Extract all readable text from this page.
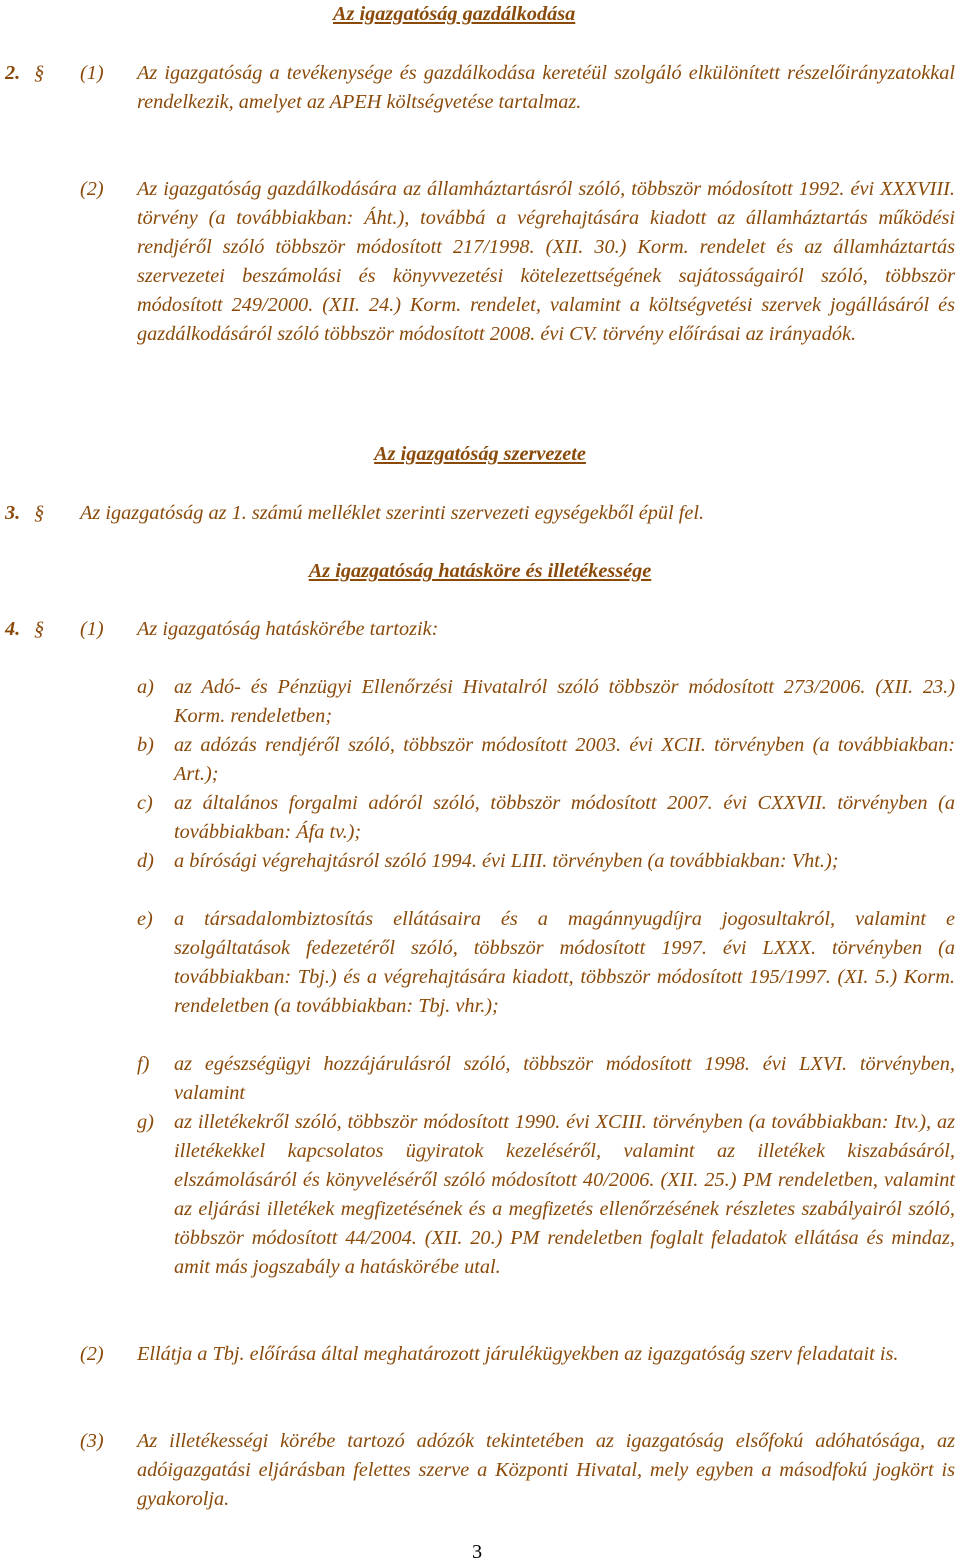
Az igazgatóság gazdálkodása
2. § (1) Az igazgatóság a tevékenysége és gazdálkodása keretéül szolgáló elkülönített részelőirányzatokkal rendelkezik, amelyet az APEH költségvetése tartalmaz.
(2) Az igazgatóság gazdálkodására az államháztartásról szóló, többször módosított 1992. évi XXXVIII. törvény (a továbbiakban: Áht.), továbbá a végrehajtására kiadott az államháztartás működési rendjéről szóló többször módosított 217/1998. (XII. 30.) Korm. rendelet és az államháztartás szervezetei beszámolási és könyvvezetési kötelezettségének sajátosságairól szóló, többször módosított 249/2000. (XII. 24.) Korm. rendelet, valamint a költségvetési szervek jogállásáról és gazdálkodásáról szóló többször módosított 2008. évi CV. törvény előírásai az irányadók.
Az igazgatóság szervezete
3. § Az igazgatóság az 1. számú melléklet szerinti szervezeti egységekből épül fel.
Az igazgatóság hatásköre és illetékessége
4. § (1) Az igazgatóság hatáskörébe tartozik:
a) az Adó- és Pénzügyi Ellenőrzési Hivatalról szóló többször módosított 273/2006. (XII. 23.) Korm. rendeletben;
b) az adózás rendjéről szóló, többször módosított 2003. évi XCII. törvényben (a továbbiakban: Art.);
c) az általános forgalmi adóról szóló, többször módosított 2007. évi CXXVII. törvényben (a továbbiakban: Áfa tv.);
d) a bírósági végrehajtásról szóló 1994. évi LIII. törvényben (a továbbiakban: Vht.);
e) a társadalombiztosítás ellátásaira és a magánnyugdíjra jogosultakról, valamint e szolgáltatások fedezetéről szóló, többször módosított 1997. évi LXXX. törvényben (a továbbiakban: Tbj.) és a végrehajtására kiadott, többször módosított 195/1997. (XI. 5.) Korm. rendeletben (a továbbiakban: Tbj. vhr.);
f) az egészségügyi hozzájárulásról szóló, többször módosított 1998. évi LXVI. törvényben, valamint
g) az illetékekről szóló, többször módosított 1990. évi XCIII. törvényben (a továbbiakban: Itv.), az illetékekkel kapcsolatos ügyiratok kezeléséről, valamint az illetékek kiszabásáról, elszámolásáról és könyveléséről szóló módosított 40/2006. (XII. 25.) PM rendeletben, valamint az eljárási illetékek megfizetésének és a megfizetés ellenőrzésének részletes szabályairól szóló, többször módosított 44/2004. (XII. 20.) PM rendeletben foglalt feladatok ellátása és mindaz, amit más jogszabály a hatáskörébe utal.
(2) Ellátja a Tbj. előírása által meghatározott járulékügyekben az igazgatóság szerv feladatait is.
(3) Az illetékességi körébe tartozó adózók tekintetében az igazgatóság elsőfokú adóhatósága, az adóigazgatási eljárásban felettes szerve a Központi Hivatal, mely egyben a másodfokú jogkört is gyakorolja.
3
